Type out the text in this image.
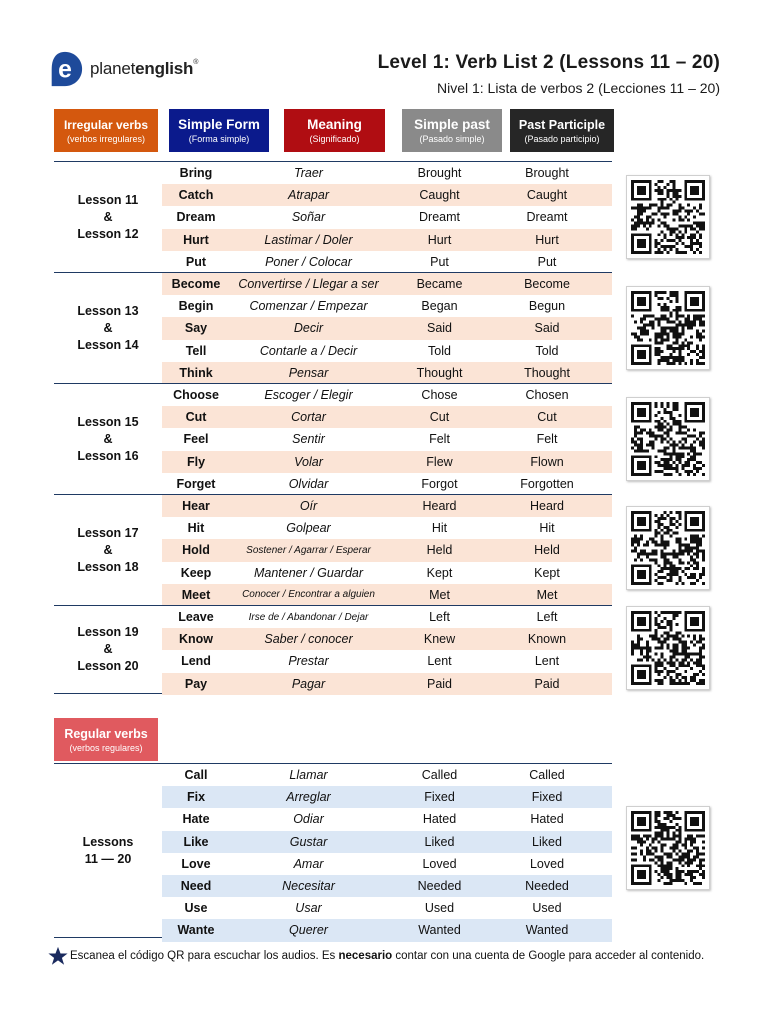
e planetenglish®	Level 1: Verb List 2 (Lessons 11 – 20)
Nivel 1: Lista de verbos 2 (Lecciones 11 – 20)
Irregular verbs
(verbos irregulares)
Simple Form
(Forma simple)
Meaning
(Significado)
Simple past
(Pasado simple)
Past Participle
(Pasado participio)
Lesson 11
&
Lesson 12
Bring	Traer	Brought	Brought
Catch	Atrapar	Caught	Caught
Dream	Soñar	Dreamt	Dreamt
Hurt	Lastimar / Doler	Hurt	Hurt
Put	Poner / Colocar	Put	Put
Lesson 13
&
Lesson 14
Become	Convertirse / Llegar a ser	Became	Become
Begin	Comenzar / Empezar	Began	Begun
Say	Decir	Said	Said
Tell	Contarle a / Decir	Told	Told
Think	Pensar	Thought	Thought
Lesson 15
&
Lesson 16
Choose	Escoger / Elegir	Chose	Chosen
Cut	Cortar	Cut	Cut
Feel	Sentir	Felt	Felt
Fly	Volar	Flew	Flown
Forget	Olvidar	Forgot	Forgotten
Lesson 17
&
Lesson 18
Hear	Oír	Heard	Heard
Hit	Golpear	Hit	Hit
Hold	Sostener / Agarrar / Esperar	Held	Held
Keep	Mantener / Guardar	Kept	Kept
Meet	Conocer / Encontrar a alguien	Met	Met
Lesson 19
&
Lesson 20
Leave	Irse de / Abandonar / Dejar	Left	Left
Know	Saber / conocer	Knew	Known
Lend	Prestar	Lent	Lent
Pay	Pagar	Paid	Paid
Regular verbs
(verbos regulares)
Lessons
11 — 20
Call	Llamar	Called	Called
Fix	Arreglar	Fixed	Fixed
Hate	Odiar	Hated	Hated
Like	Gustar	Liked	Liked
Love	Amar	Loved	Loved
Need	Necesitar	Needed	Needed
Use	Usar	Used	Used
Wante	Querer	Wanted	Wanted
Escanea el código QR para escuchar los audios. Es necesario contar con una cuenta de Google para acceder al contenido.
